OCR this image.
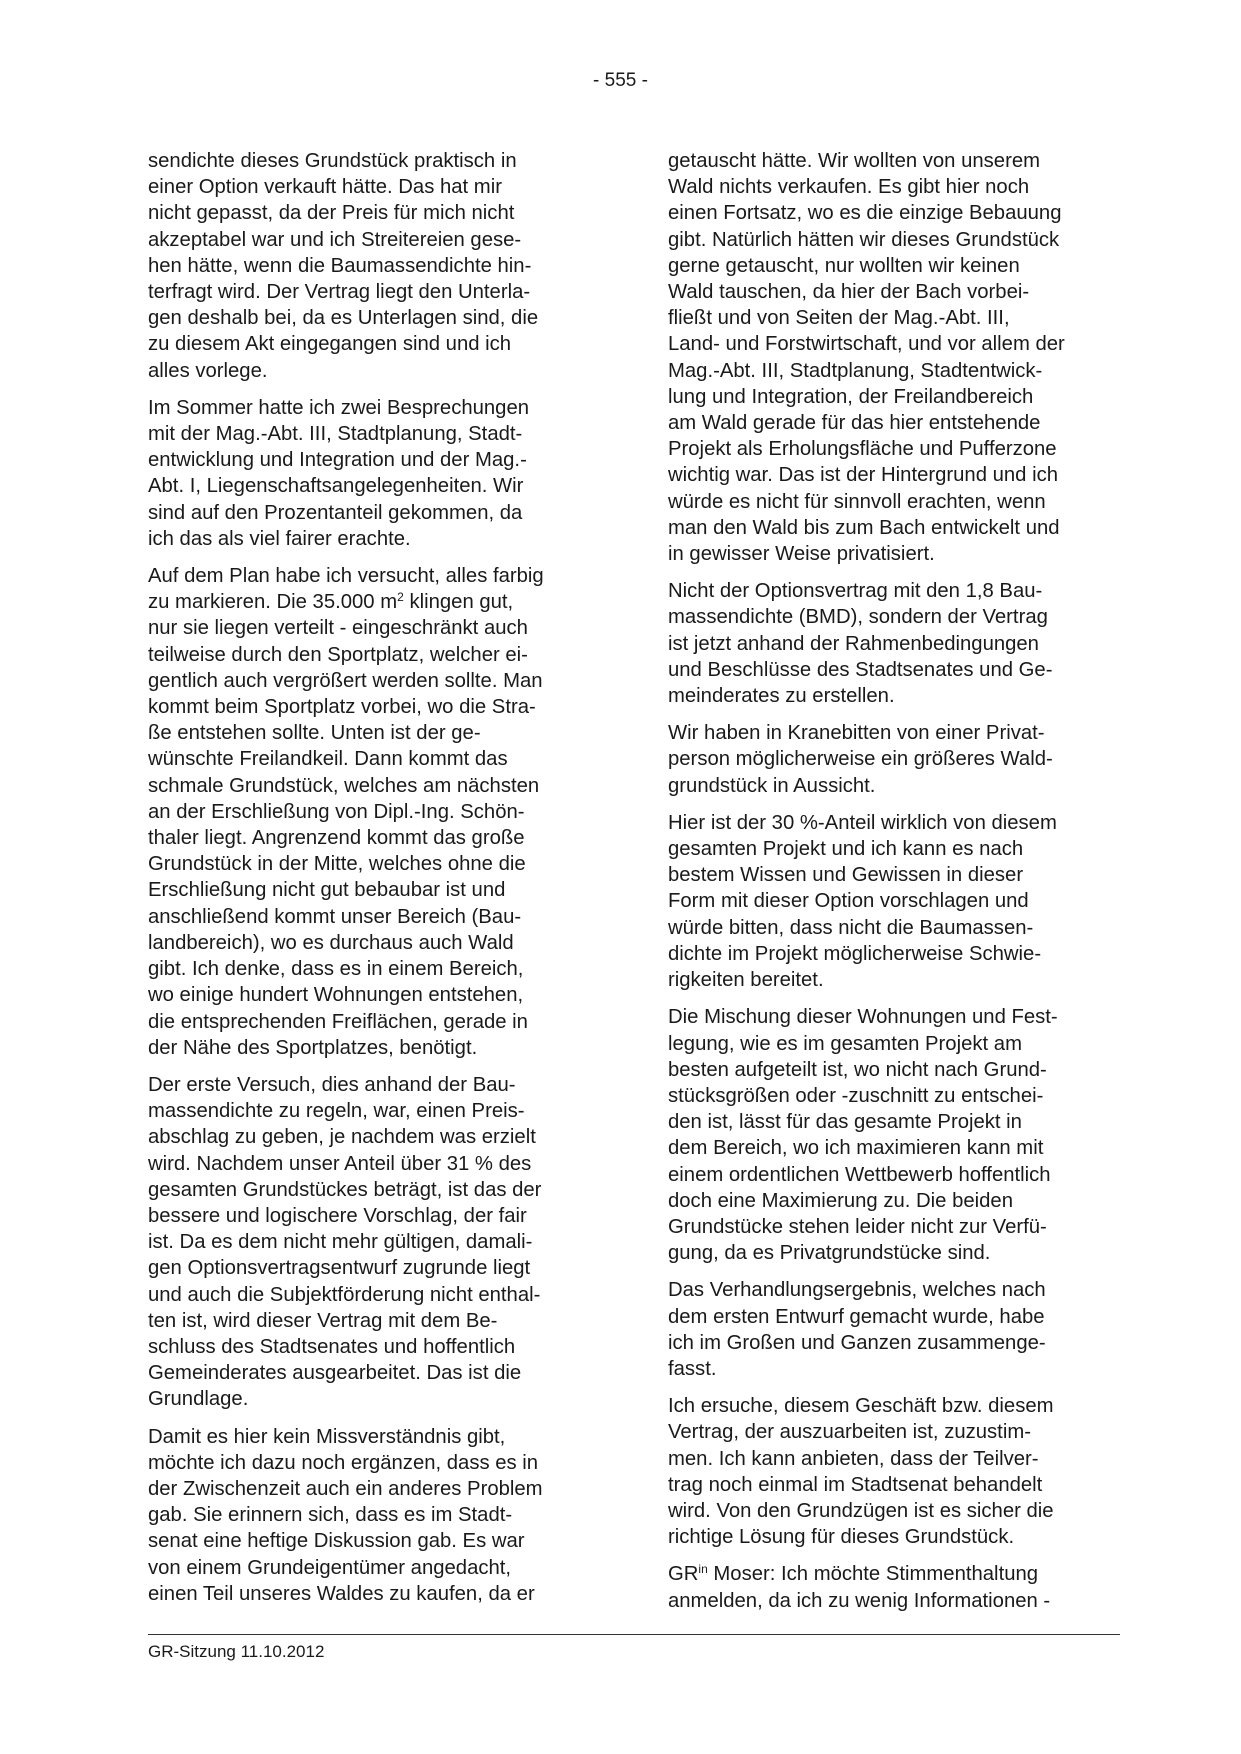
- 555 -

sendichte dieses Grundstück praktisch in
einer Option verkauft hätte. Das hat mir
nicht gepasst, da der Preis für mich nicht
akzeptabel war und ich Streitereien gese-
hen hätte, wenn die Baumassendichte hin-
terfragt wird. Der Vertrag liegt den Unterla-
gen deshalb bei, da es Unterlagen sind, die
zu diesem Akt eingegangen sind und ich
alles vorlege.

Im Sommer hatte ich zwei Besprechungen
mit der Mag.-Abt. III, Stadtplanung, Stadt-
entwicklung und Integration und der Mag.-
Abt. I, Liegenschaftsangelegenheiten. Wir
sind auf den Prozentanteil gekommen, da
ich das als viel fairer erachte.

Auf dem Plan habe ich versucht, alles farbig
zu markieren. Die 35.000 $m^2$ klingen gut,
nur sie liegen verteilt - eingeschränkt auch
teilweise durch den Sportplatz, welcher ei-
gentlich auch vergrößert werden sollte. Man
kommt beim Sportplatz vorbei, wo die Stra-
ße entstehen sollte. Unten ist der ge-
wünschte Freilandkeil. Dann kommt das
schmale Grundstück, welches am nächsten
an der Erschließung von Dipl.-Ing. Schön-
thaler liegt. Angrenzend kommt das große
Grundstück in der Mitte, welches ohne die
Erschließung nicht gut bebaubar ist und
anschließend kommt unser Bereich (Bau-
landbereich), wo es durchaus auch Wald
gibt. Ich denke, dass es in einem Bereich,
wo einige hundert Wohnungen entstehen,
die entsprechenden Freiflächen, gerade in
der Nähe des Sportplatzes, benötigt.

Der erste Versuch, dies anhand der Bau-
massendichte zu regeln, war, einen Preis-
abschlag zu geben, je nachdem was erzielt
wird. Nachdem unser Anteil über 31 % des
gesamten Grundstückes beträgt, ist das der
bessere und logischere Vorschlag, der fair
ist. Da es dem nicht mehr gültigen, damali-
gen Optionsvertragsentwurf zugrunde liegt
und auch die Subjektförderung nicht enthal-
ten ist, wird dieser Vertrag mit dem Be-
schluss des Stadtsenates und hoffentlich
Gemeinderates ausgearbeitet. Das ist die
Grundlage.

Damit es hier kein Missverständnis gibt,
möchte ich dazu noch ergänzen, dass es in
der Zwischenzeit auch ein anderes Problem
gab. Sie erinnern sich, dass es im Stadt-
senat eine heftige Diskussion gab. Es war
von einem Grundeigentümer angedacht,
einen Teil unseres Waldes zu kaufen, da er

getauscht hätte. Wir wollten von unserem
Wald nichts verkaufen. Es gibt hier noch
einen Fortsatz, wo es die einzige Bebauung
gibt. Natürlich hätten wir dieses Grundstück
gerne getauscht, nur wollten wir keinen
Wald tauschen, da hier der Bach vorbei-
fließt und von Seiten der Mag.-Abt. III,
Land- und Forstwirtschaft, und vor allem der
Mag.-Abt. III, Stadtplanung, Stadtentwick-
lung und Integration, der Freilandbereich
am Wald gerade für das hier entstehende
Projekt als Erholungsfläche und Pufferzone
wichtig war. Das ist der Hintergrund und ich
würde es nicht für sinnvoll erachten, wenn
man den Wald bis zum Bach entwickelt und
in gewisser Weise privatisiert.

Nicht der Optionsvertrag mit den 1,8 Bau-
massendichte (BMD), sondern der Vertrag
ist jetzt anhand der Rahmenbedingungen
und Beschlüsse des Stadtsenates und Ge-
meinderates zu erstellen.

Wir haben in Kranebitten von einer Privat-
person möglicherweise ein größeres Wald-
grundstück in Aussicht.

Hier ist der 30 %-Anteil wirklich von diesem
gesamten Projekt und ich kann es nach
bestem Wissen und Gewissen in dieser
Form mit dieser Option vorschlagen und
würde bitten, dass nicht die Baumassen-
dichte im Projekt möglicherweise Schwie-
rigkeiten bereitet.

Die Mischung dieser Wohnungen und Fest-
legung, wie es im gesamten Projekt am
besten aufgeteilt ist, wo nicht nach Grund-
stücksgrößen oder -zuschnitt zu entschei-
den ist, lässt für das gesamte Projekt in
dem Bereich, wo ich maximieren kann mit
einem ordentlichen Wettbewerb hoffentlich
doch eine Maximierung zu. Die beiden
Grundstücke stehen leider nicht zur Verfü-
gung, da es Privatgrundstücke sind.

Das Verhandlungsergebnis, welches nach
dem ersten Entwurf gemacht wurde, habe
ich im Großen und Ganzen zusammenge-
fasst.

Ich ersuche, diesem Geschäft bzw. diesem
Vertrag, der auszuarbeiten ist, zuzustim-
men. Ich kann anbieten, dass der Teilver-
trag noch einmal im Stadtsenat behandelt
wird. Von den Grundzügen ist es sicher die
richtige Lösung für dieses Grundstück.

$GR^{in}$ Moser: Ich möchte Stimmenthaltung
anmelden, da ich zu wenig Informationen -

GR-Sitzung 11.10.2012
